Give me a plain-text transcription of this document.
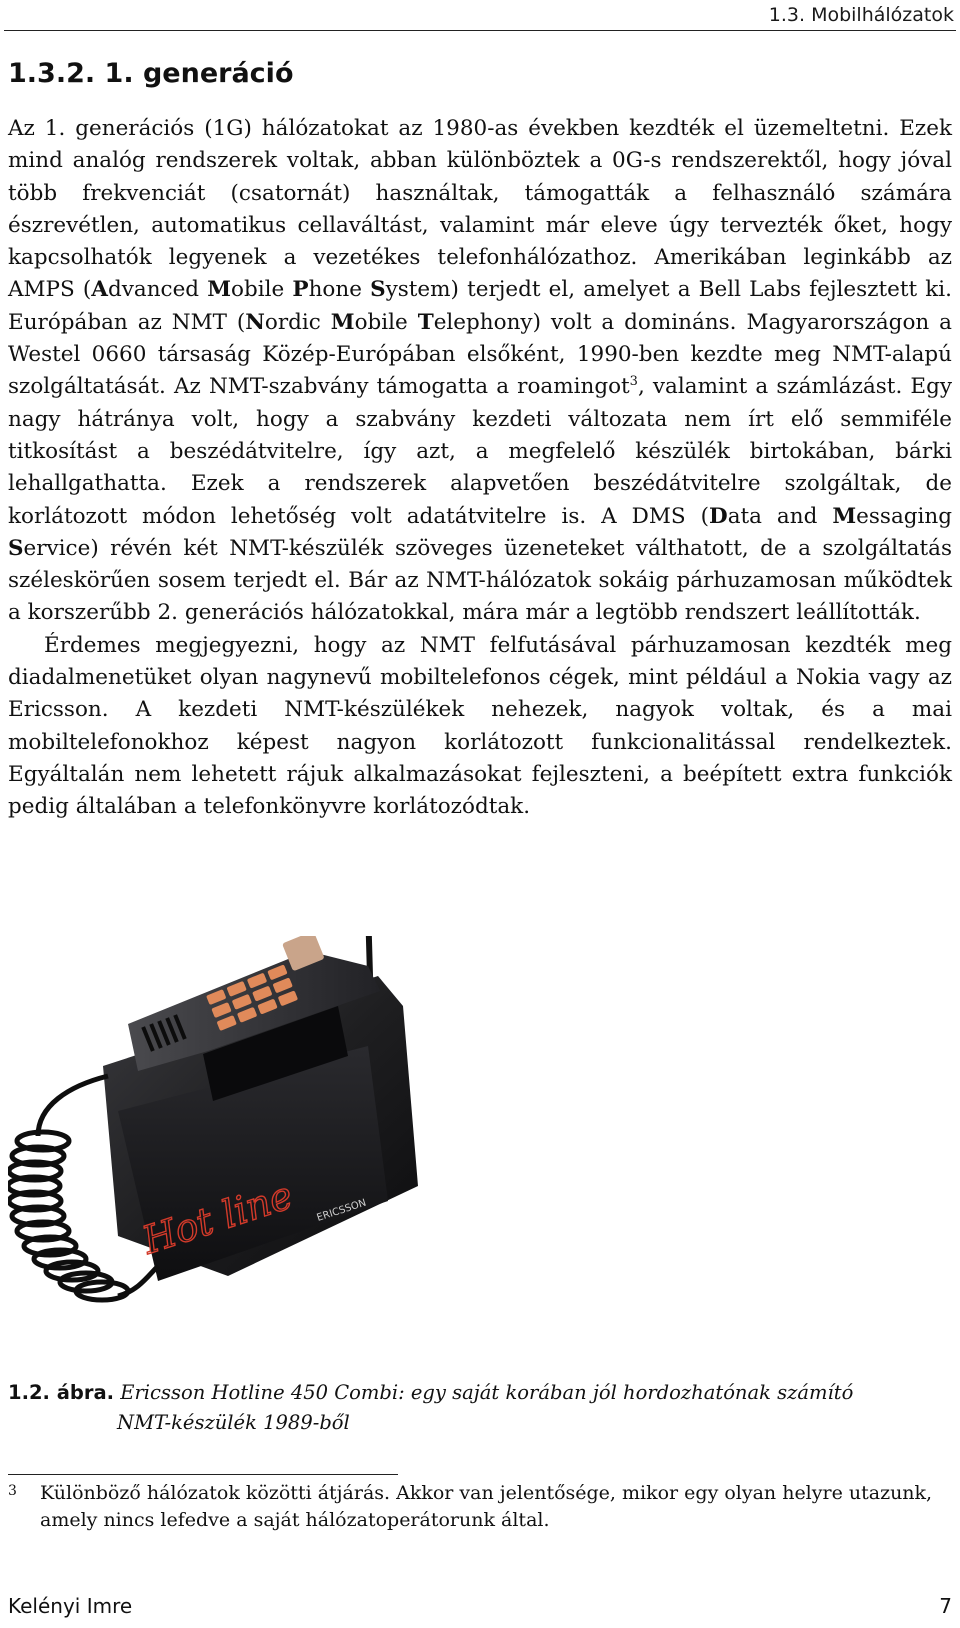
1.3. Mobilhálózatok
1.3.2. 1. generáció

Az 1. generációs (1G) hálózatokat az 1980-as években kezdték el üzemeltetni. Ezek mind analóg rendszerek voltak, abban különböztek a 0G-s rendszerektől, hogy jóval több frekvenciát (csatornát) használtak, támogatták a felhasználó számára észrevétlen, automatikus cellaváltást, valamint már eleve úgy tervezték őket, hogy kapcsolhatók legyenek a vezetékes telefonhálózathoz. Amerikában leginkább az AMPS (Advanced Mobile Phone System) terjedt el, amelyet a Bell Labs fejlesztett ki. Európában az NMT (Nordic Mobile Telephony) volt a domináns. Magyarországon a Westel 0660 társaság Közép-Európában elsőként, 1990-ben kezdte meg NMT-alapú szolgáltatását. Az NMT-szabvány támogatta a roamingot$^3$, valamint a számlázást. Egy nagy hátránya volt, hogy a szabvány kezdeti változata nem írt elő semmiféle titkosítást a beszédátvitelre, így azt, a megfelelő készülék birtokában, bárki lehallgathatta. Ezek a rendszerek alapvetően beszédátvitelre szolgáltak, de korlátozott módon lehetőség volt adatátvitelre is. A DMS (Data and Messaging Service) révén két NMT-készülék szöveges üzeneteket válthatott, de a szolgáltatás széleskörűen sosem terjedt el. Bár az NMT-hálózatok sokáig párhuzamosan működtek a korszerűbb 2. generációs hálózatokkal, mára már a legtöbb rendszert leállították.

Érdemes megjegyezni, hogy az NMT felfutásával párhuzamosan kezdték meg diadalmenetüket olyan nagynevű mobiltelefonos cégek, mint például a Nokia vagy az Ericsson. A kezdeti NMT-készülékek nehezek, nagyok voltak, és a mai mobiltelefonokhoz képest nagyon korlátozott funkcionalitással rendelkeztek. Egyáltalán nem lehetett rájuk alkalmazásokat fejleszteni, a beépített extra funkciók pedig általában a telefonkönyvre korlátozódtak.

Hot line ERICSSON
1.2. ábra. Ericsson Hotline 450 Combi: egy saját korában jól hordozhatónak számító
NMT-készülék 1989-ből
3	Különböző hálózatok közötti átjárás. Akkor van jelentősége, mikor egy olyan helyre utazunk, amely nincs lefedve a saját hálózatoperátorunk által.
Kelényi Imre	7
